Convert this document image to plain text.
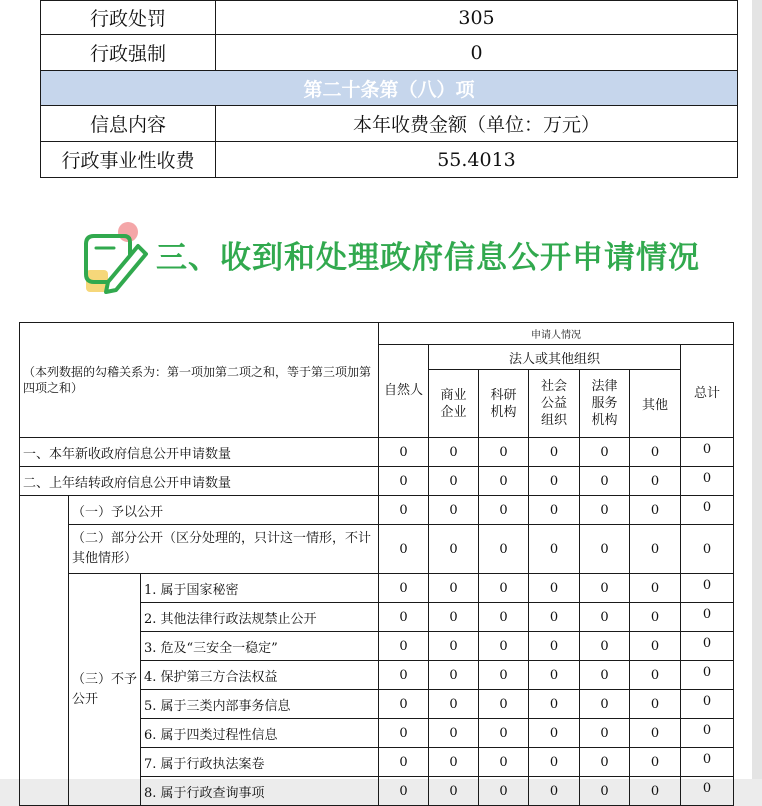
行政处罚	305
行政强制	0
第二十条第（八）项	
信息内容	本年收费金额（单位：万元）
行政事业性收费	55.4013
三、收到和处理政府信息公开申请情况
（本列数据的勾稽关系为：第一项加第二项之和，等于第三项加第四项之和）			申请人情况						
			自然人	法人或其他组织					总计
				商业企业	科研机构	社会公益组织	法律服务机构	其他	
一、本年新收政府信息公开申请数量			0	0	0	0	0	0	0
二、上年结转政府信息公开申请数量			0	0	0	0	0	0	0
	（一）予以公开		0	0	0	0	0	0	0
	（二）部分公开（区分处理的，只计这一情形，不计其他情形）		0	0	0	0	0	0	0
	（三）不予公开	1. 属于国家秘密	0	0	0	0	0	0	0
		2. 其他法律行政法规禁止公开	0	0	0	0	0	0	0
		3. 危及“三安全一稳定”	0	0	0	0	0	0	0
		4. 保护第三方合法权益	0	0	0	0	0	0	0
		5. 属于三类内部事务信息	0	0	0	0	0	0	0
		6. 属于四类过程性信息	0	0	0	0	0	0	0
		7. 属于行政执法案卷	0	0	0	0	0	0	0
		8. 属于行政查询事项	0	0	0	0	0	0	0
